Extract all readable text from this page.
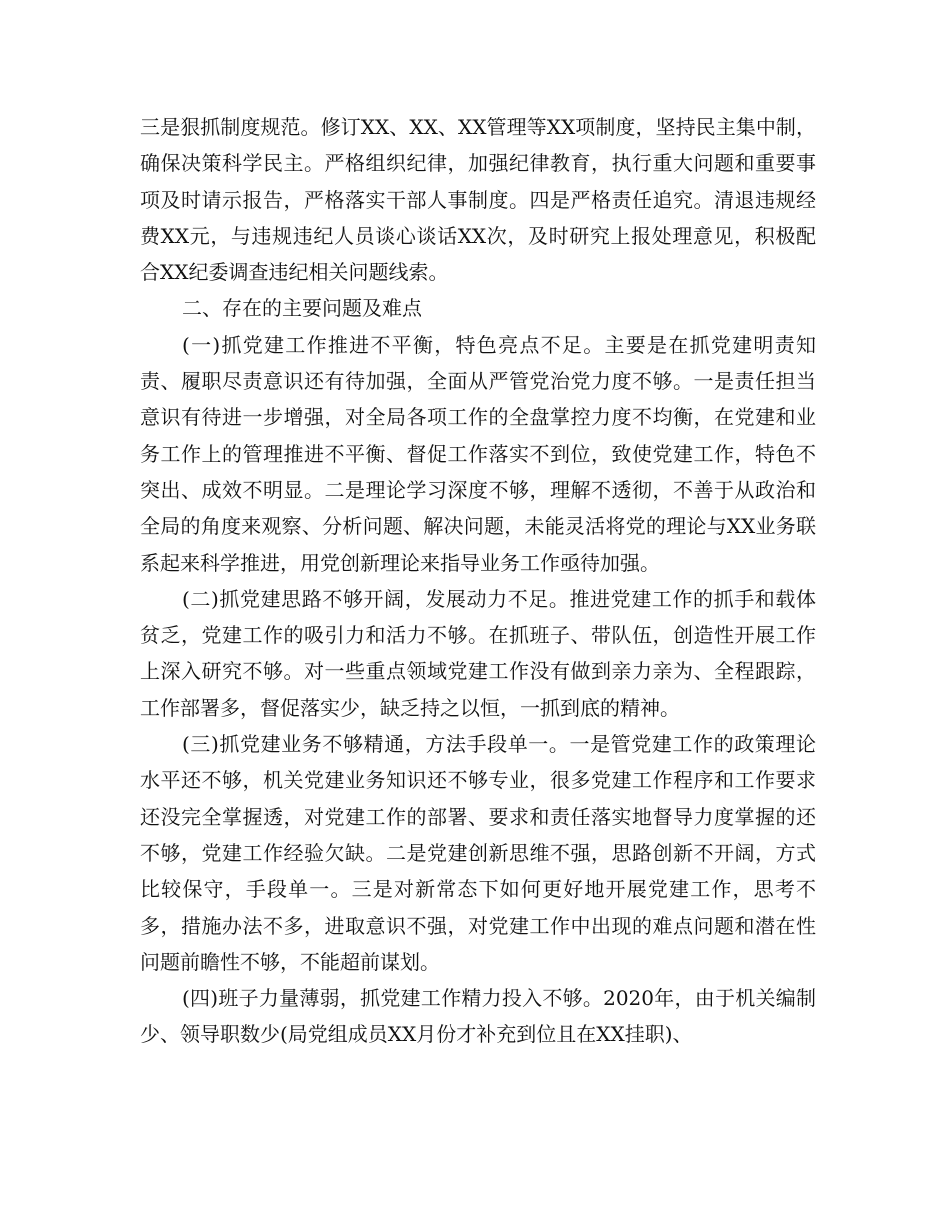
三是狠抓制度规范。修订XX、XX、XX管理等XX项制度，坚持民主集中制，确保决策科学民主。严格组织纪律，加强纪律教育，执行重大问题和重要事项及时请示报告，严格落实干部人事制度。四是严格责任追究。清退违规经费XX元，与违规违纪人员谈心谈话XX次，及时研究上报处理意见，积极配合XX纪委调查违纪相关问题线索。

二、存在的主要问题及难点

(一)抓党建工作推进不平衡，特色亮点不足。主要是在抓党建明责知责、履职尽责意识还有待加强，全面从严管党治党力度不够。一是责任担当意识有待进一步增强，对全局各项工作的全盘掌控力度不均衡，在党建和业务工作上的管理推进不平衡、督促工作落实不到位，致使党建工作，特色不突出、成效不明显。二是理论学习深度不够，理解不透彻，不善于从政治和全局的角度来观察、分析问题、解决问题，未能灵活将党的理论与XX业务联系起来科学推进，用党创新理论来指导业务工作亟待加强。

(二)抓党建思路不够开阔，发展动力不足。推进党建工作的抓手和载体贫乏，党建工作的吸引力和活力不够。在抓班子、带队伍，创造性开展工作上深入研究不够。对一些重点领域党建工作没有做到亲力亲为、全程跟踪，工作部署多，督促落实少，缺乏持之以恒，一抓到底的精神。

(三)抓党建业务不够精通，方法手段单一。一是管党建工作的政策理论水平还不够，机关党建业务知识还不够专业，很多党建工作程序和工作要求还没完全掌握透，对党建工作的部署、要求和责任落实地督导力度掌握的还不够，党建工作经验欠缺。二是党建创新思维不强，思路创新不开阔，方式比较保守，手段单一。三是对新常态下如何更好地开展党建工作，思考不多，措施办法不多，进取意识不强，对党建工作中出现的难点问题和潜在性问题前瞻性不够，不能超前谋划。

(四)班子力量薄弱，抓党建工作精力投入不够。2020年，由于机关编制少、领导职数少(局党组成员XX月份才补充到位且在XX挂职)、
